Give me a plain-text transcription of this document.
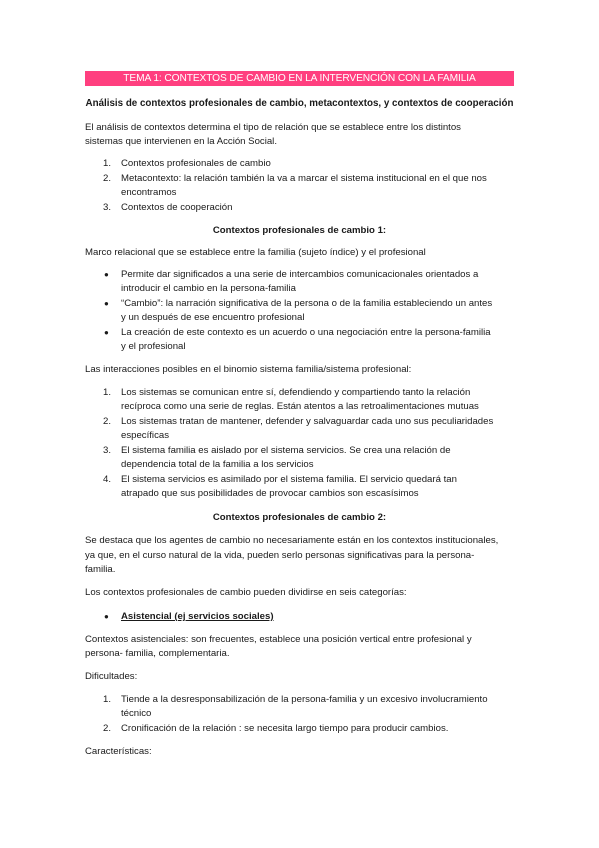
TEMA 1: CONTEXTOS DE CAMBIO EN LA INTERVENCIÓN CON LA FAMILIA
Análisis de contextos profesionales de cambio, metacontextos, y contextos de cooperación
El análisis de contextos determina el tipo de relación que se establece entre los distintos
sistemas que intervienen en la Acción Social.
1.	Contextos profesionales de cambio
2.	Metacontexto: la relación también la va a marcar el sistema institucional en el que nos
encontramos
3.	Contextos de cooperación
Contextos profesionales de cambio 1:
Marco relacional que se establece entre la familia (sujeto índice) y el profesional
●	Permite dar significados a una serie de intercambios comunicacionales orientados a
introducir el cambio en la persona-familia
●	“Cambio”: la narración significativa de la persona o de la familia estableciendo un antes
y un después de ese encuentro profesional
●	La creación de este contexto es un acuerdo o una negociación entre la persona-familia
y el profesional
Las interacciones posibles en el binomio sistema familia/sistema profesional:
1.	Los sistemas se comunican entre sí, defendiendo y compartiendo tanto la relación
recíproca como una serie de reglas. Están atentos a las retroalimentaciones mutuas
2.	Los sistemas tratan de mantener, defender y salvaguardar cada uno sus peculiaridades
específicas
3.	El sistema familia es aislado por el sistema servicios. Se crea una relación de
dependencia total de la familia a los servicios
4.	El sistema servicios es asimilado por el sistema familia. El servicio quedará tan
atrapado que sus posibilidades de provocar cambios son escasísimos
Contextos profesionales de cambio 2:
Se destaca que los agentes de cambio no necesariamente están en los contextos institucionales,
ya que, en el curso natural de la vida, pueden serlo personas significativas para la persona-
familia.
Los contextos profesionales de cambio pueden dividirse en seis categorías:
●	Asistencial (ej servicios sociales)
Contextos asistenciales: son frecuentes, establece una posición vertical entre profesional y
persona- familia, complementaria.
Dificultades:
1.	Tiende a la desresponsabilización de la persona-familia y un excesivo involucramiento
técnico
2.	Cronificación de la relación : se necesita largo tiempo para producir cambios.
Características:
